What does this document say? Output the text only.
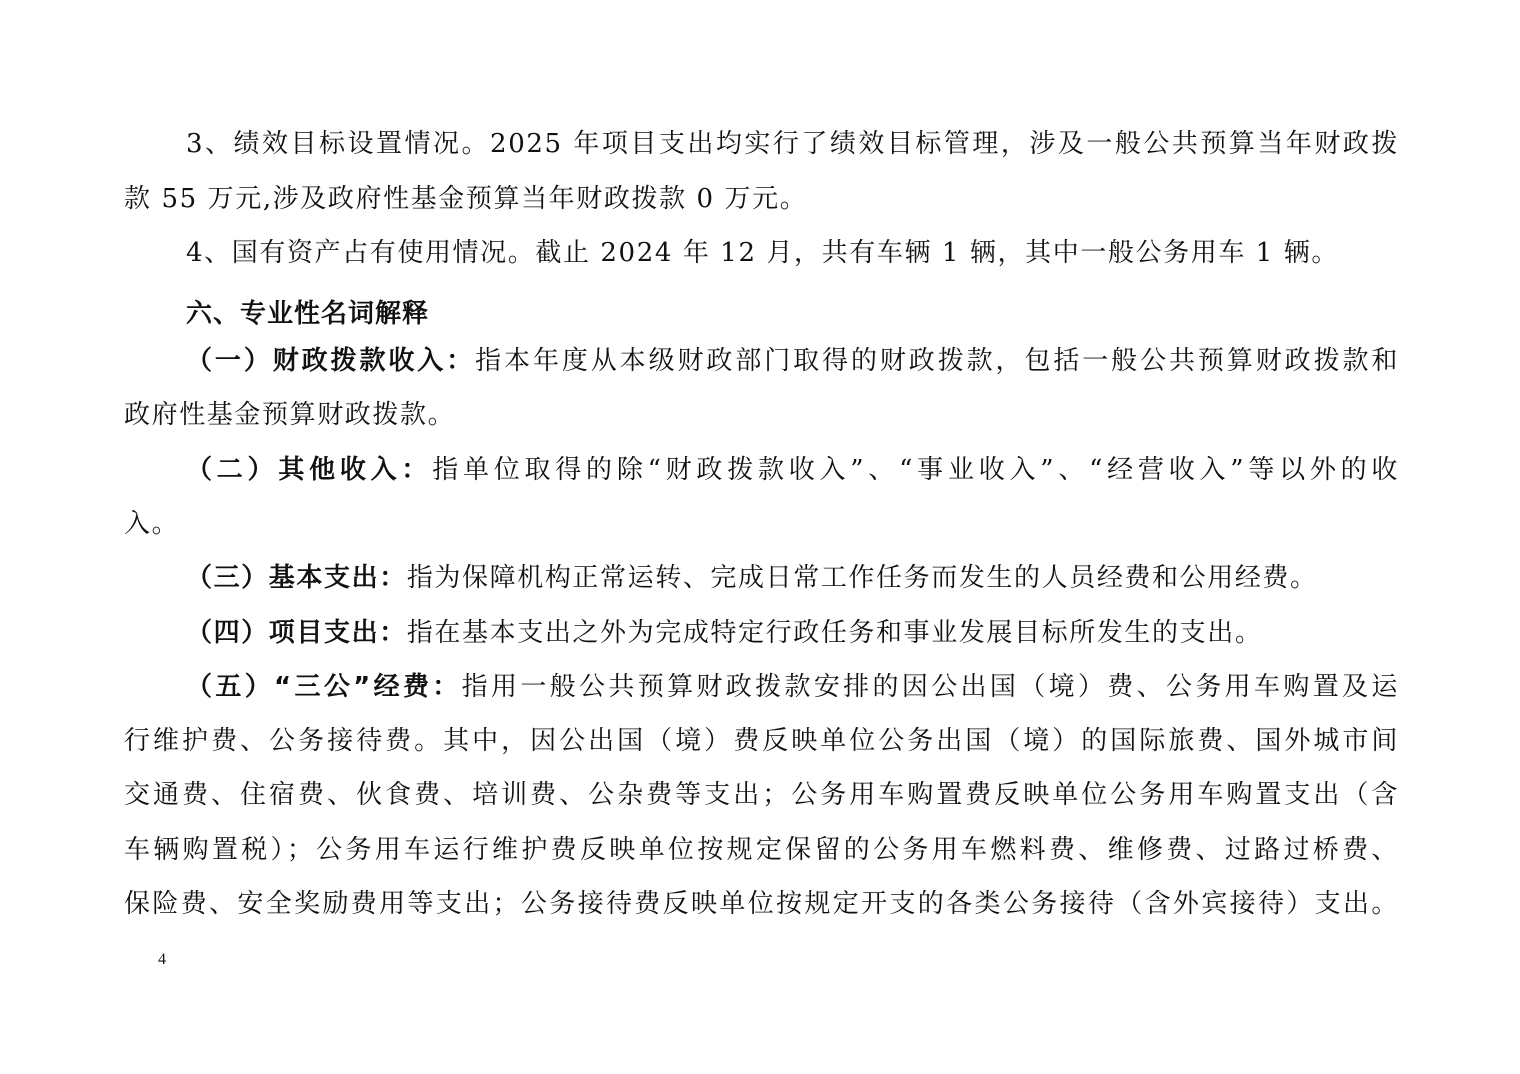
3、绩效目标设置情况。2025 年项目支出均实行了绩效目标管理，涉及一般公共预算当年财政拨
款 55 万元,涉及政府性基金预算当年财政拨款 0 万元。
4、国有资产占有使用情况。截止 2024 年 12 月，共有车辆 1 辆，其中一般公务用车 1 辆。
六、专业性名词解释
（一）财政拨款收入：指本年度从本级财政部门取得的财政拨款，包括一般公共预算财政拨款和
政府性基金预算财政拨款。
（二）其他收入：指单位取得的除“财政拨款收入”、“事业收入”、“经营收入”等以外的收
入。
（三）基本支出：指为保障机构正常运转、完成日常工作任务而发生的人员经费和公用经费。
（四）项目支出：指在基本支出之外为完成特定行政任务和事业发展目标所发生的支出。
（五）“三公”经费：指用一般公共预算财政拨款安排的因公出国（境）费、公务用车购置及运
行维护费、公务接待费。其中，因公出国（境）费反映单位公务出国（境）的国际旅费、国外城市间
交通费、住宿费、伙食费、培训费、公杂费等支出；公务用车购置费反映单位公务用车购置支出（含
车辆购置税）；公务用车运行维护费反映单位按规定保留的公务用车燃料费、维修费、过路过桥费、
保险费、安全奖励费用等支出；公务接待费反映单位按规定开支的各类公务接待（含外宾接待）支出。
4
